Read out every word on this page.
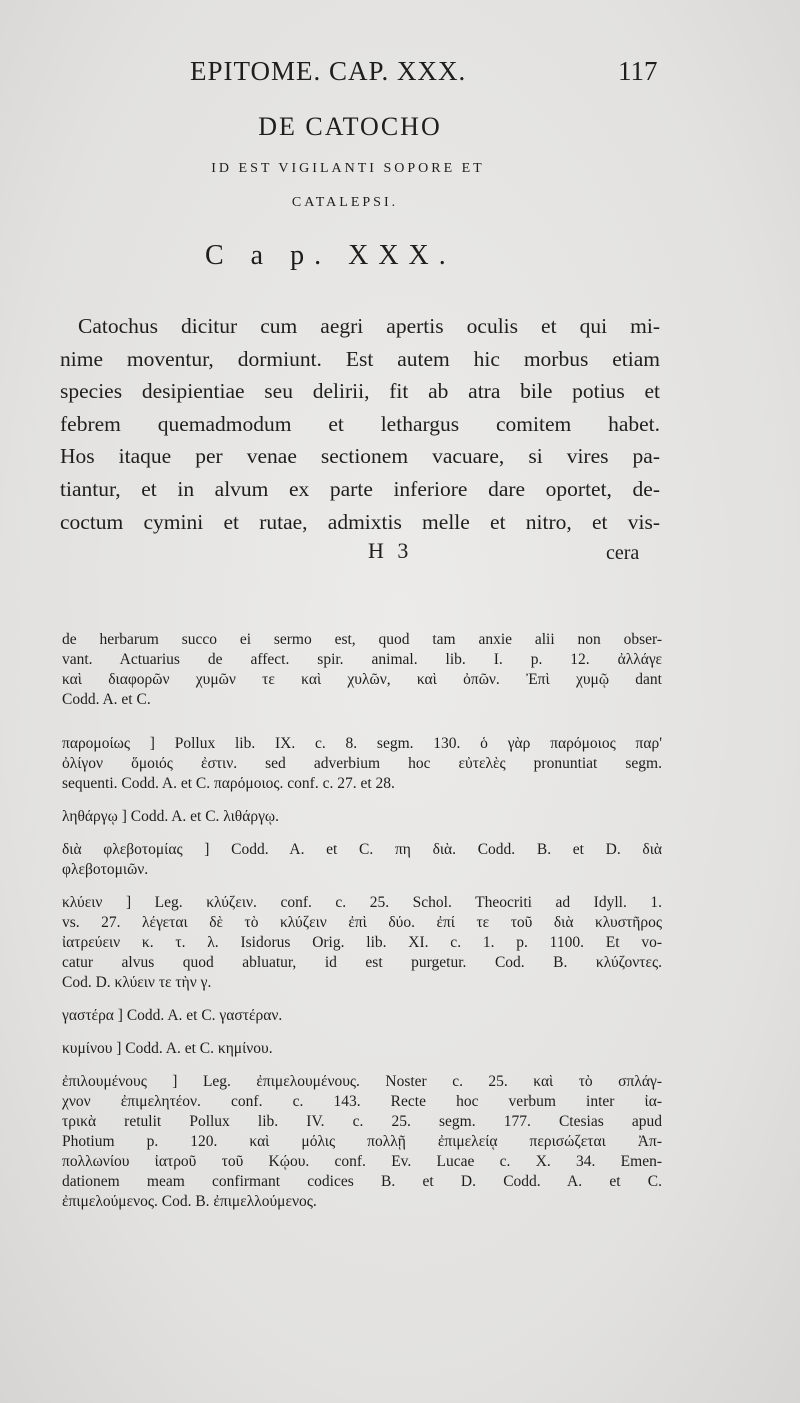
EPITOME. CAP. XXX.	117
DE CATOCHO
ID EST VIGILANTI SOPORE ET
CATALEPSI.
C a p. XXX.
Catochus dicitur cum aegri apertis oculis et qui mi-
nime moventur, dormiunt. Est autem hic morbus etiam
species desipientiae seu delirii, fit ab atra bile potius et
febrem quemadmodum et lethargus comitem habet.
Hos itaque per venae sectionem vacuare, si vires pa-
tiantur, et in alvum ex parte inferiore dare oportet, de-
coctum cymini et rutae, admixtis melle et nitro, et vis-
H 3	cera
de herbarum succo ei sermo est, quod tam anxie alii non obser-
vant. Actuarius de affect. spir. animal. lib. I. p. 12. ἀλλάγε
καὶ διαφορῶν χυμῶν τε καὶ χυλῶν, καὶ ὀπῶν. Ἐπὶ χυμῷ dant
Codd. A. et C.
παρομοίως ] Pollux lib. IX. c. 8. segm. 130. ὁ γὰρ παρόμοιος παρ'
ὀλίγον ὅμοιός ἐστιν. sed adverbium hoc εὐτελὲς pronuntiat segm.
sequenti. Codd. A. et C. παρόμοιος. conf. c. 27. et 28.
ληθάργῳ ] Codd. A. et C. λιθάργῳ.
διὰ φλεβοτομίας ] Codd. A. et C. πη διὰ. Codd. B. et D. διὰ
φλεβοτομιῶν.
κλύειν ] Leg. κλύζειν. conf. c. 25. Schol. Theocriti ad Idyll. 1.
vs. 27. λέγεται δὲ τὸ κλύζειν ἐπὶ δύο. ἐπί τε τοῦ διὰ κλυστῆρος
ἰατρεύειν κ. τ. λ. Isidorus Orig. lib. XI. c. 1. p. 1100. Et vo-
catur alvus quod abluatur, id est purgetur. Cod. B. κλύζοντες.
Cod. D. κλύειν τε τὴν γ.
γαστέρα ] Codd. A. et C. γαστέραν.
κυμίνου ] Codd. A. et C. κημίνου.
ἐπιλουμένους ] Leg. ἐπιμελουμένους. Noster c. 25. καὶ τὸ σπλάγ-
χνον ἐπιμελητέον. conf. c. 143. Recte hoc verbum inter ἰα-
τρικὰ retulit Pollux lib. IV. c. 25. segm. 177. Ctesias apud
Photium p. 120. καὶ μόλις πολλῇ ἐπιμελείᾳ περισώζεται Ἀπ-
πολλωνίου ἰατροῦ τοῦ Κῴου. conf. Ev. Lucae c. X. 34. Emen-
dationem meam confirmant codices B. et D. Codd. A. et C.
ἐπιμελούμενος. Cod. B. ἐπιμελλούμενος.
